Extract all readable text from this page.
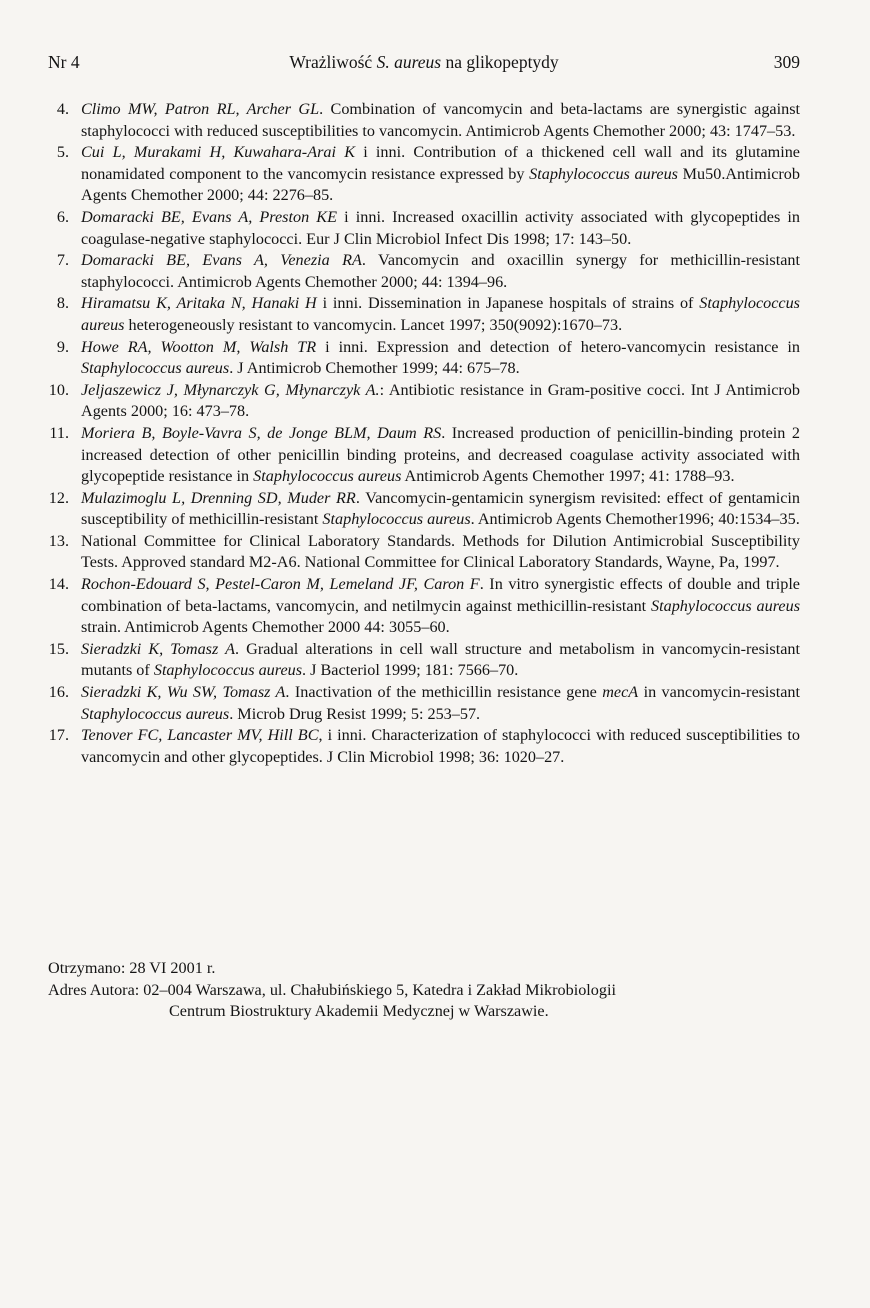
Nr 4	Wrażliwość S. aureus na glikopeptydy	309
4. Climo MW, Patron RL, Archer GL. Combination of vancomycin and beta-lactams are synergistic against staphylococci with reduced susceptibilities to vancomycin. Antimicrob Agents Chemother 2000; 43: 1747–53.
5. Cui L, Murakami H, Kuwahara-Arai K i inni. Contribution of a thickened cell wall and its glutamine nonamidated component to the vancomycin resistance expressed by Staphylococcus aureus Mu50.Antimicrob Agents Chemother 2000; 44: 2276–85.
6. Domaracki BE, Evans A, Preston KE i inni. Increased oxacillin activity associated with glycopeptides in coagulase-negative staphylococci. Eur J Clin Microbiol Infect Dis 1998; 17: 143–50.
7. Domaracki BE, Evans A, Venezia RA. Vancomycin and oxacillin synergy for methicillin-resistant staphylococci. Antimicrob Agents Chemother 2000; 44: 1394–96.
8. Hiramatsu K, Aritaka N, Hanaki H i inni. Dissemination in Japanese hospitals of strains of Staphylococcus aureus heterogeneously resistant to vancomycin. Lancet 1997; 350(9092):1670–73.
9. Howe RA, Wootton M, Walsh TR i inni. Expression and detection of hetero-vancomycin resistance in Staphylococcus aureus. J Antimicrob Chemother 1999; 44: 675–78.
10. Jeljaszewicz J, Młynarczyk G, Młynarczyk A.: Antibiotic resistance in Gram-positive cocci. Int J Antimicrob Agents 2000; 16: 473–78.
11. Moriera B, Boyle-Vavra S, de Jonge BLM, Daum RS. Increased production of penicillin-binding protein 2 increased detection of other penicillin binding proteins, and decreased coagulase activity associated with glycopeptide resistance in Staphylococcus aureus Antimicrob Agents Chemother 1997; 41: 1788–93.
12. Mulazimoglu L, Drenning SD, Muder RR. Vancomycin-gentamicin synergism revisited: effect of gentamicin susceptibility of methicillin-resistant Staphylococcus aureus. Antimicrob Agents Chemother1996; 40:1534–35.
13. National Committee for Clinical Laboratory Standards. Methods for Dilution Antimicrobial Susceptibility Tests. Approved standard M2-A6. National Committee for Clinical Laboratory Standards, Wayne, Pa, 1997.
14. Rochon-Edouard S, Pestel-Caron M, Lemeland JF, Caron F. In vitro synergistic effects of double and triple combination of beta-lactams, vancomycin, and netilmycin against methicillin-resistant Staphylococcus aureus strain. Antimicrob Agents Chemother 2000 44: 3055–60.
15. Sieradzki K, Tomasz A. Gradual alterations in cell wall structure and metabolism in vancomycin-resistant mutants of Staphylococcus aureus. J Bacteriol 1999; 181: 7566–70.
16. Sieradzki K, Wu SW, Tomasz A. Inactivation of the methicillin resistance gene mecA in vancomycin-resistant Staphylococcus aureus. Microb Drug Resist 1999; 5: 253–57.
17. Tenover FC, Lancaster MV, Hill BC, i inni. Characterization of staphylococci with reduced susceptibilities to vancomycin and other glycopeptides. J Clin Microbiol 1998; 36: 1020–27.

Otrzymano: 28 VI 2001 r.

Adres Autora: 02–004 Warszawa, ul. Chałubińskiego 5, Katedra i Zakład Mikrobiologii

Centrum Biostruktury Akademii Medycznej w Warszawie.
